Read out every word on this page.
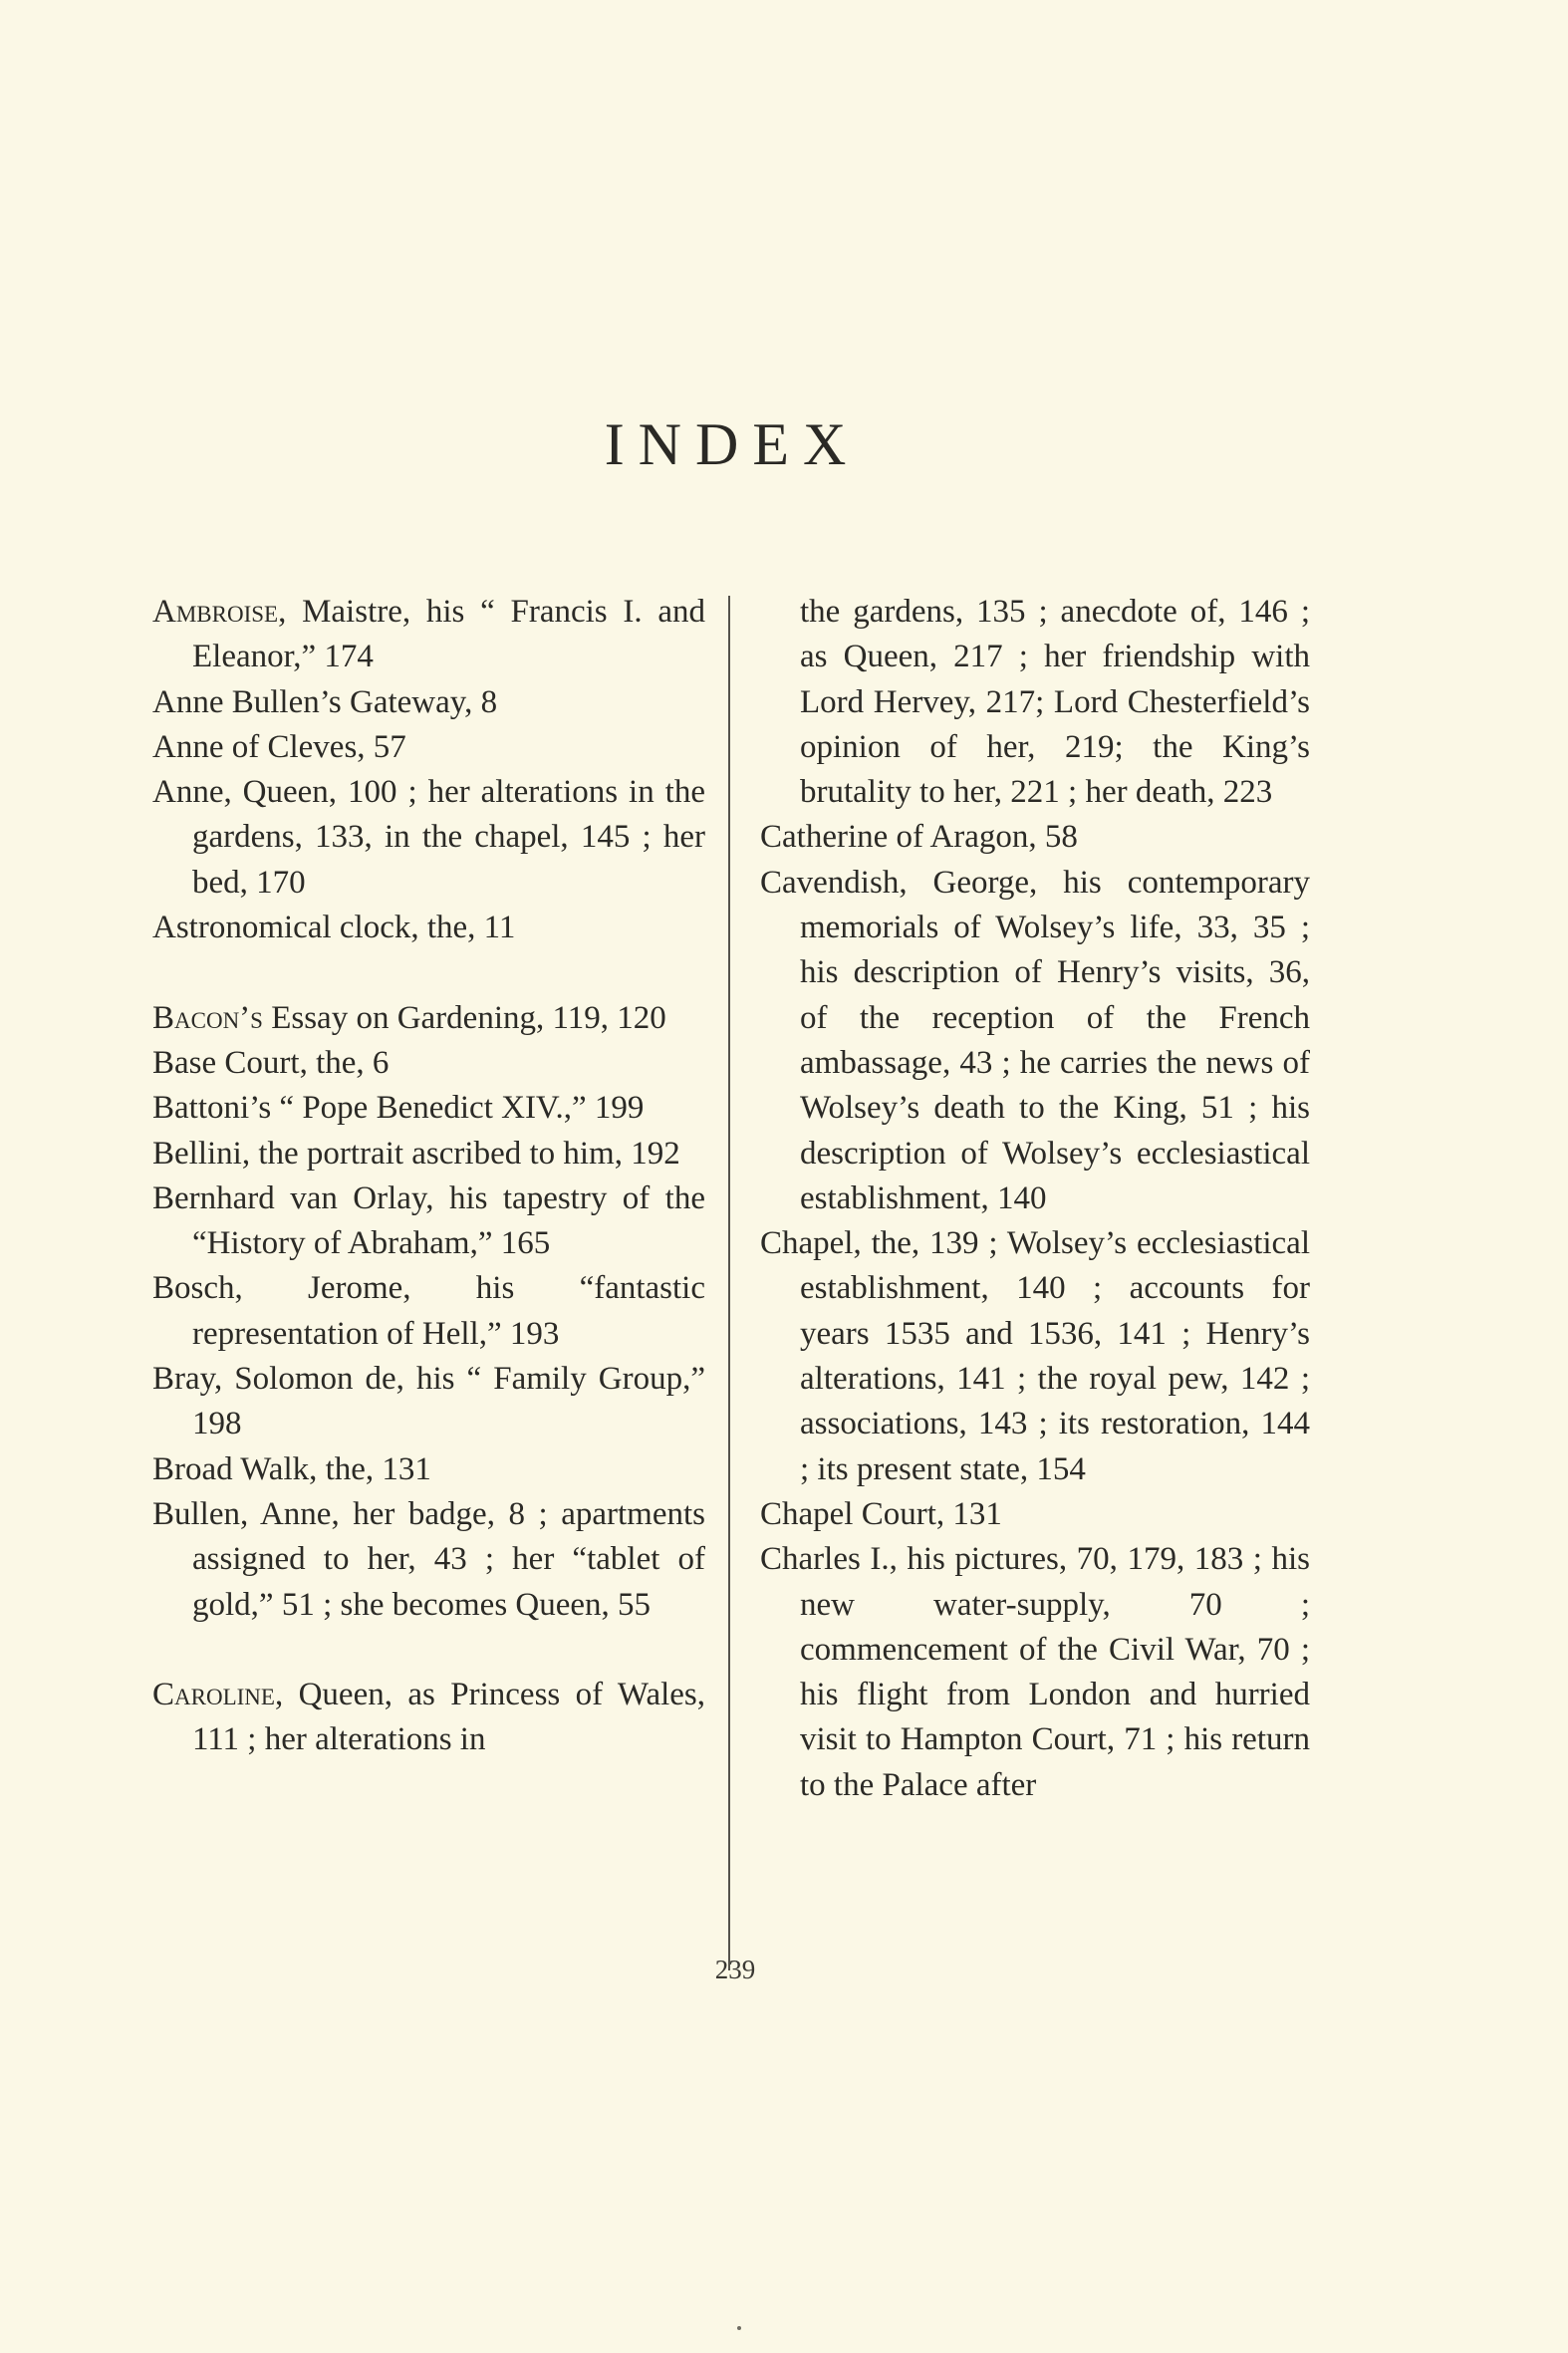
INDEX

Ambroise, Maistre, his “ Francis I. and Eleanor,” 174

Anne Bullen’s Gateway, 8

Anne of Cleves, 57

Anne, Queen, 100 ; her alterations in the gardens, 133, in the chapel, 145 ; her bed, 170

Astronomical clock, the, 11

Bacon’s Essay on Gardening, 119, 120

Base Court, the, 6

Battoni’s “ Pope Benedict XIV.,” 199

Bellini, the portrait ascribed to him, 192

Bernhard van Orlay, his tapestry of the “History of Abraham,” 165

Bosch, Jerome, his “fantastic representation of Hell,” 193

Bray, Solomon de, his “ Family Group,” 198

Broad Walk, the, 131

Bullen, Anne, her badge, 8 ; apartments assigned to her, 43 ; her “tablet of gold,” 51 ; she becomes Queen, 55

Caroline, Queen, as Princess of Wales, 111 ; her alterations in

the gardens, 135 ; anecdote of, 146 ; as Queen, 217 ; her friendship with Lord Hervey, 217; Lord Chesterfield’s opinion of her, 219; the King’s brutality to her, 221 ; her death, 223

Catherine of Aragon, 58

Cavendish, George, his contemporary memorials of Wolsey’s life, 33, 35 ; his description of Henry’s visits, 36, of the reception of the French ambassage, 43 ; he carries the news of Wolsey’s death to the King, 51 ; his description of Wolsey’s ecclesiastical establishment, 140

Chapel, the, 139 ; Wolsey’s ecclesiastical establishment, 140 ; accounts for years 1535 and 1536, 141 ; Henry’s alterations, 141 ; the royal pew, 142 ; associations, 143 ; its restoration, 144 ; its present state, 154

Chapel Court, 131

Charles I., his pictures, 70, 179, 183 ; his new water-supply, 70 ; commencement of the Civil War, 70 ; his flight from London and hurried visit to Hampton Court, 71 ; his return to the Palace after

239
